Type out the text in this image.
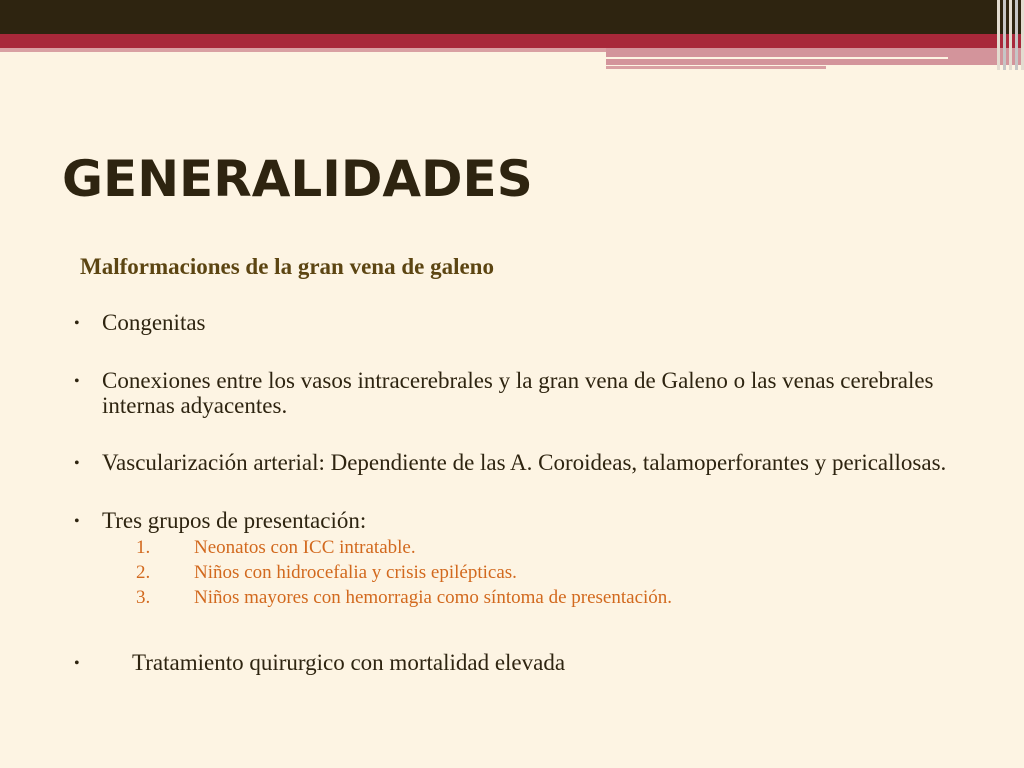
GENERALIDADES
Malformaciones de la gran vena de galeno
• Congenitas
• Conexiones entre los vasos intracerebrales y la gran vena de Galeno o las venas cerebrales internas adyacentes.
• Vascularización arterial: Dependiente de las A. Coroideas, talamoperforantes y pericallosas.
• Tres grupos de presentación:
1.	Neonatos con ICC intratable.
2.	Niños con hidrocefalia y crisis epilépticas.
3.	Niños mayores con hemorragia como síntoma de presentación.
•	Tratamiento quirurgico con mortalidad elevada
